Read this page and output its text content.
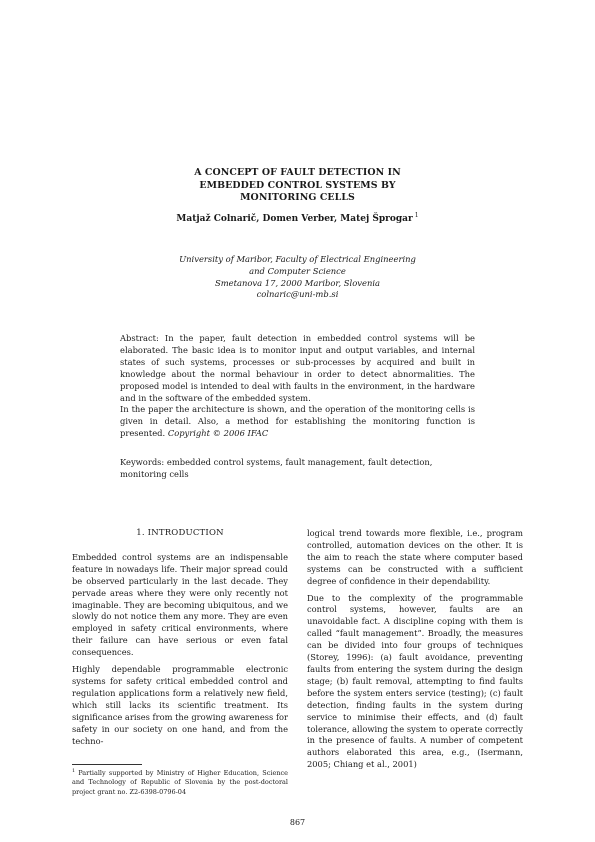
A CONCEPT OF FAULT DETECTION IN
EMBEDDED CONTROL SYSTEMS BY
MONITORING CELLS
Matjaž Colnarič, Domen Verber, Matej Šprogar $^1$
University of Maribor, Faculty of Electrical Engineering
and Computer Science
Smetanova 17, 2000 Maribor, Slovenia
colnaric@uni-mb.si

Abstract: In the paper, fault detection in embedded control systems will be elaborated. The basic idea is to monitor input and output variables, and internal states of such systems, processes or sub-processes by acquired and built in knowledge about the normal behaviour in order to detect abnormalities. The proposed model is intended to deal with faults in the environment, in the hardware and in the software of the embedded system.

In the paper the architecture is shown, and the operation of the monitoring cells is given in detail. Also, a method for establishing the monitoring function is presented. Copyright © 2006 IFAC

Keywords: embedded control systems, fault management, fault detection, monitoring cells
1. INTRODUCTION

Embedded control systems are an indispensable feature in nowadays life. Their major spread could be observed particularly in the last decade. They pervade areas where they were only recently not imaginable. They are becoming ubiquitous, and we slowly do not notice them any more. They are even employed in safety critical environments, where their failure can have serious or even fatal consequences.

Highly dependable programmable electronic systems for safety critical embedded control and regulation applications form a relatively new field, which still lacks its scientific treatment. Its significance arises from the growing awareness for safety in our society on one hand, and from the techno-

logical trend towards more flexible, i.e., program controlled, automation devices on the other. It is the aim to reach the state where computer based systems can be constructed with a sufficient degree of confidence in their dependability.

Due to the complexity of the programmable control systems, however, faults are an unavoidable fact. A discipline coping with them is called “fault management”. Broadly, the measures can be divided into four groups of techniques (Storey, 1996): (a) fault avoidance, preventing faults from entering the system during the design stage; (b) fault removal, attempting to find faults before the system enters service (testing); (c) fault detection, finding faults in the system during service to minimise their effects, and (d) fault tolerance, allowing the system to operate correctly in the presence of faults. A number of competent authors elaborated this area, e.g., (Isermann, 2005; Chiang et al., 2001)

$^1$ Partially supported by Ministry of Higher Education, Science and Technology of Republic of Slovenia by the post-doctoral project grant no. Z2-6398-0796-04
867
